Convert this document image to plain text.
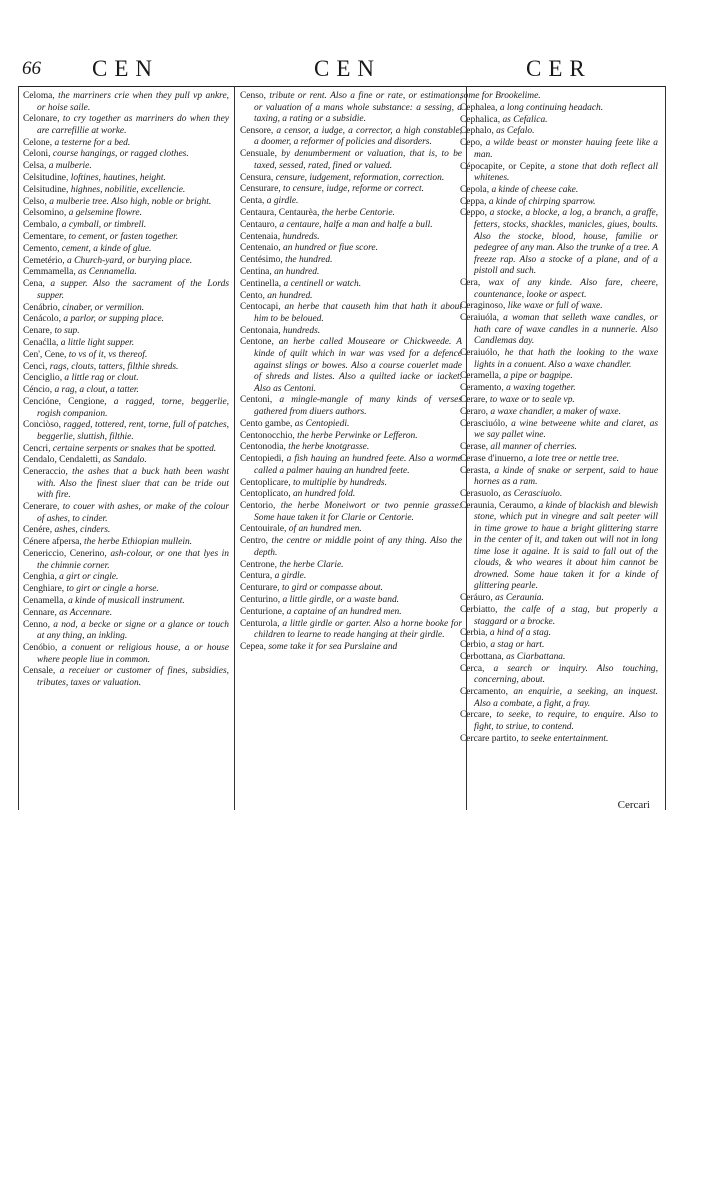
66 CEN	CEN	CER

Celoma, the marriners crie when they pull vp ankre, or hoise saile.

Celonare, to cry together as marriners do when they are carrefillie at worke.

Celone, a testerne for a bed.

Celoni, course hangings, or ragged clothes.

Celsa, a mulberie.

Celsitudine, loftines, hautines, height.

Celsitudine, highnes, nobilitie, excellencie.

Celso, a mulberie tree. Also high, noble or bright.

Celsomino, a gelsemine flowre.

Cembalo, a cymball, or timbrell.

Cementare, to cement, or fasten together.

Cemento, cement, a kinde of glue.

Cemetério, a Church-yard, or burying place.

Cemmamella, as Cennamella.

Cena, a supper. Also the sacrament of the Lords supper.

Cenábrio, cinaber, or vermilion.

Cenácolo, a parlor, or supping place.

Cenare, to sup.

Cenaćlla, a little light supper.

Cen', Cene, to vs of it, vs thereof.

Cenci, rags, clouts, tatters, filthie shreds.

Cenciglio, a little rag or clout.

Céncio, a rag, a clout, a tatter.

Cencióne, Cengione, a ragged, torne, beggerlie, rogish companion.

Conciòso, ragged, tottered, rent, torne, full of patches, beggerlie, sluttish, filthie.

Cencri, certaine serpents or snakes that be spotted.

Cendalo, Cendaletti, as Sandalo.

Ceneraccio, the ashes that a buck hath been washt with. Also the finest sluer that can be tride out with fire.

Cenerare, to couer with ashes, or make of the colour of ashes, to cinder.

Cenére, ashes, cinders.

Cénere afpersa, the herbe Ethiopian mullein.

Cenericcio, Cenerino, ash-colour, or one that lyes in the chimnie corner.

Cenghia, a girt or cingle.

Cenghiare, to girt or cingle a horse.

Cenamella, a kinde of musicall instrument.

Cennare, as Accennare.

Cenno, a nod, a becke or signe or a glance or touch at any thing, an inkling.

Cenóbio, a conuent or religious house, a or house where people liue in common.

Censale, a receiuer or customer of fines, subsidies, tributes, taxes or valuation.

Censo, tribute or rent. Also a fine or rate, or estimation, or valuation of a mans whole substance: a sessing, a taxing, a rating or a subsidie.

Censore, a censor, a iudge, a corrector, a high constable, a doomer, a reformer of policies and disorders.

Censuale, by denumberment or valuation, that is, to be taxed, sessed, rated, fined or valued.

Censura, censure, iudgement, reformation, correction.

Censurare, to censure, iudge, reforme or correct.

Centa, a girdle.

Centaura, Centaurèa, the herbe Centorie.

Centauro, a centaure, halfe a man and halfe a bull.

Centenaia, hundreds.

Centenaio, an hundred or fiue score.

Centésimo, the hundred.

Centina, an hundred.

Centinella, a centinell or watch.

Cento, an hundred.

Centocapi, an herbe that causeth him that hath it about him to be beloued.

Centonaia, hundreds.

Centone, an herbe called Mouseare or Chickweede. A kinde of quilt which in war was vsed for a defence against slings or bowes. Also a course couerlet made of shreds and listes. Also a quilted iacke or iacket. Also as Centoni.

Centoni, a mingle-mangle of many kinds of verses gathered from diuers authors.

Cento gambe, as Centopiedi.

Centonocchio, the herbe Perwinke or Lefferon.

Centonodia, the herbe knotgrasse.

Centopiedi, a fish hauing an hundred feete. Also a worme called a palmer hauing an hundred feete.

Centoplicare, to multiplie by hundreds.

Centoplicato, an hundred fold.

Centorio, the herbe Moneiwort or two pennie grasse: Some haue taken it for Clarie or Centorie.

Centouirale, of an hundred men.

Centro, the centre or middle point of any thing. Also the depth.

Centrone, the herbe Clarie.

Centura, a girdle.

Centurare, to gird or compasse about.

Centurino, a little girdle, or a waste band.

Centurione, a captaine of an hundred men.

Centurola, a little girdle or garter. Also a horne booke for children to learne to reade hanging at their girdle.

Cepea, some take it for sea Purslaine and

some for Brookelime.

Cephalea, a long continuing headach.

Cephalica, as Cefalica.

Cephalo, as Cefalo.

Cepo, a wilde beast or monster hauing feete like a man.

Cépocapite, or Cepite, a stone that doth reflect all whitenes.

Cepola, a kinde of cheese cake.

Ceppa, a kinde of chirping sparrow.

Ceppo, a stocke, a blocke, a log, a branch, a graffe, fetters, stocks, shackles, manicles, giues, boults. Also the stocke, blood, house, familie or pedegree of any man. Also the trunke of a tree. A freeze rap. Also a stocke of a plane, and of a pistoll and such.

Cera, wax of any kinde. Also fare, cheere, countenance, looke or aspect.

Ceraginoso, like waxe or full of waxe.

Ceraiuóla, a woman that selleth waxe candles, or hath care of waxe candles in a nunnerie. Also Candlemas day.

Ceraiuólo, he that hath the looking to the waxe lights in a conuent. Also a waxe chandler.

Ceramella, a pipe or bagpipe.

Ceramento, a waxing together.

Cerare, to waxe or to seale vp.

Ceraro, a waxe chandler, a maker of waxe.

Cerasciuólo, a wine betweene white and claret, as we say pallet wine.

Cerase, all manner of cherries.

Cerase d'inuerno, a lote tree or nettle tree.

Cerasta, a kinde of snake or serpent, said to haue hornes as a ram.

Cerasuolo, as Cerasciuolo.

Ceraunia, Ceraumo, a kinde of blackish and blewish stone, which put in vinegre and salt peeter will in time growe to haue a bright glittering starre in the center of it, and taken out will not in long time lose it againe. It is said to fall out of the clouds, & who weares it about him cannot be drowned. Some haue taken it for a kinde of glittering pearle.

Ceráuro, as Ceraunia.

Cerbiatto, the calfe of a stag, but properly a staggard or a brocke.

Cerbia, a hind of a stag.

Cerbio, a stag or hart.

Cerbottana, as Ciarbattana.

Cerca, a search or inquiry. Also touching, concerning, about.

Cercamento, an enquirie, a seeking, an inquest. Also a combate, a fight, a fray.

Cercare, to seeke, to require, to enquire. Also to fight, to striue, to contend.

Cercare partito, to seeke entertainment.

Cercari
